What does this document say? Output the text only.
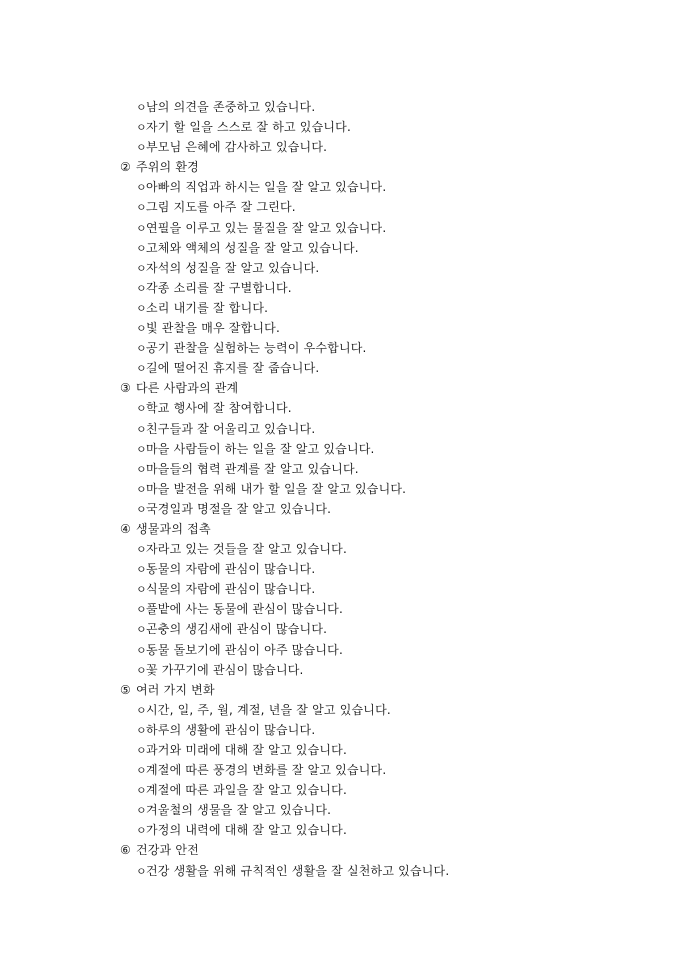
ㅇ남의 의견을 존중하고 있습니다.
ㅇ자기 할 일을 스스로 잘 하고 있습니다.
ㅇ부모님 은혜에 감사하고 있습니다.
② 주위의 환경
ㅇ아빠의 직업과 하시는 일을 잘 알고 있습니다.
ㅇ그림 지도를 아주 잘 그린다.
ㅇ연필을 이루고 있는 물질을 잘 알고 있습니다.
ㅇ고체와 액체의 성질을 잘 알고 있습니다.
ㅇ자석의 성질을 잘 알고 있습니다.
ㅇ각종 소리를 잘 구별합니다.
ㅇ소리 내기를 잘 합니다.
ㅇ빛 관찰을 매우 잘합니다.
ㅇ공기 관찰을 실험하는 능력이 우수합니다.
ㅇ길에 떨어진 휴지를 잘 줍습니다.
③ 다른 사람과의 관계
ㅇ학교 행사에 잘 참여합니다.
ㅇ친구들과 잘 어울리고 있습니다.
ㅇ마을 사람들이 하는 일을 잘 알고 있습니다.
ㅇ마을들의 협력 관계를 잘 알고 있습니다.
ㅇ마을 발전을 위해 내가 할 일을 잘 알고 있습니다.
ㅇ국경일과 명절을 잘 알고 있습니다.
④ 생물과의 접촉
ㅇ자라고 있는 것들을 잘 알고 있습니다.
ㅇ동물의 자람에 관심이 많습니다.
ㅇ식물의 자람에 관심이 많습니다.
ㅇ풀밭에 사는 동물에 관심이 많습니다.
ㅇ곤충의 생김새에 관심이 많습니다.
ㅇ동물 돌보기에 관심이 아주 많습니다.
ㅇ꽃 가꾸기에 관심이 많습니다.
⑤ 여러 가지 변화
ㅇ시간, 일, 주, 월, 계절, 년을 잘 알고 있습니다.
ㅇ하루의 생활에 관심이 많습니다.
ㅇ과거와 미래에 대해 잘 알고 있습니다.
ㅇ계절에 따른 풍경의 변화를 잘 알고 있습니다.
ㅇ계절에 따른 과일을 잘 알고 있습니다.
ㅇ겨울철의 생물을 잘 알고 있습니다.
ㅇ가정의 내력에 대해 잘 알고 있습니다.
⑥ 건강과 안전
ㅇ건강 생활을 위해 규칙적인 생활을 잘 실천하고 있습니다.
